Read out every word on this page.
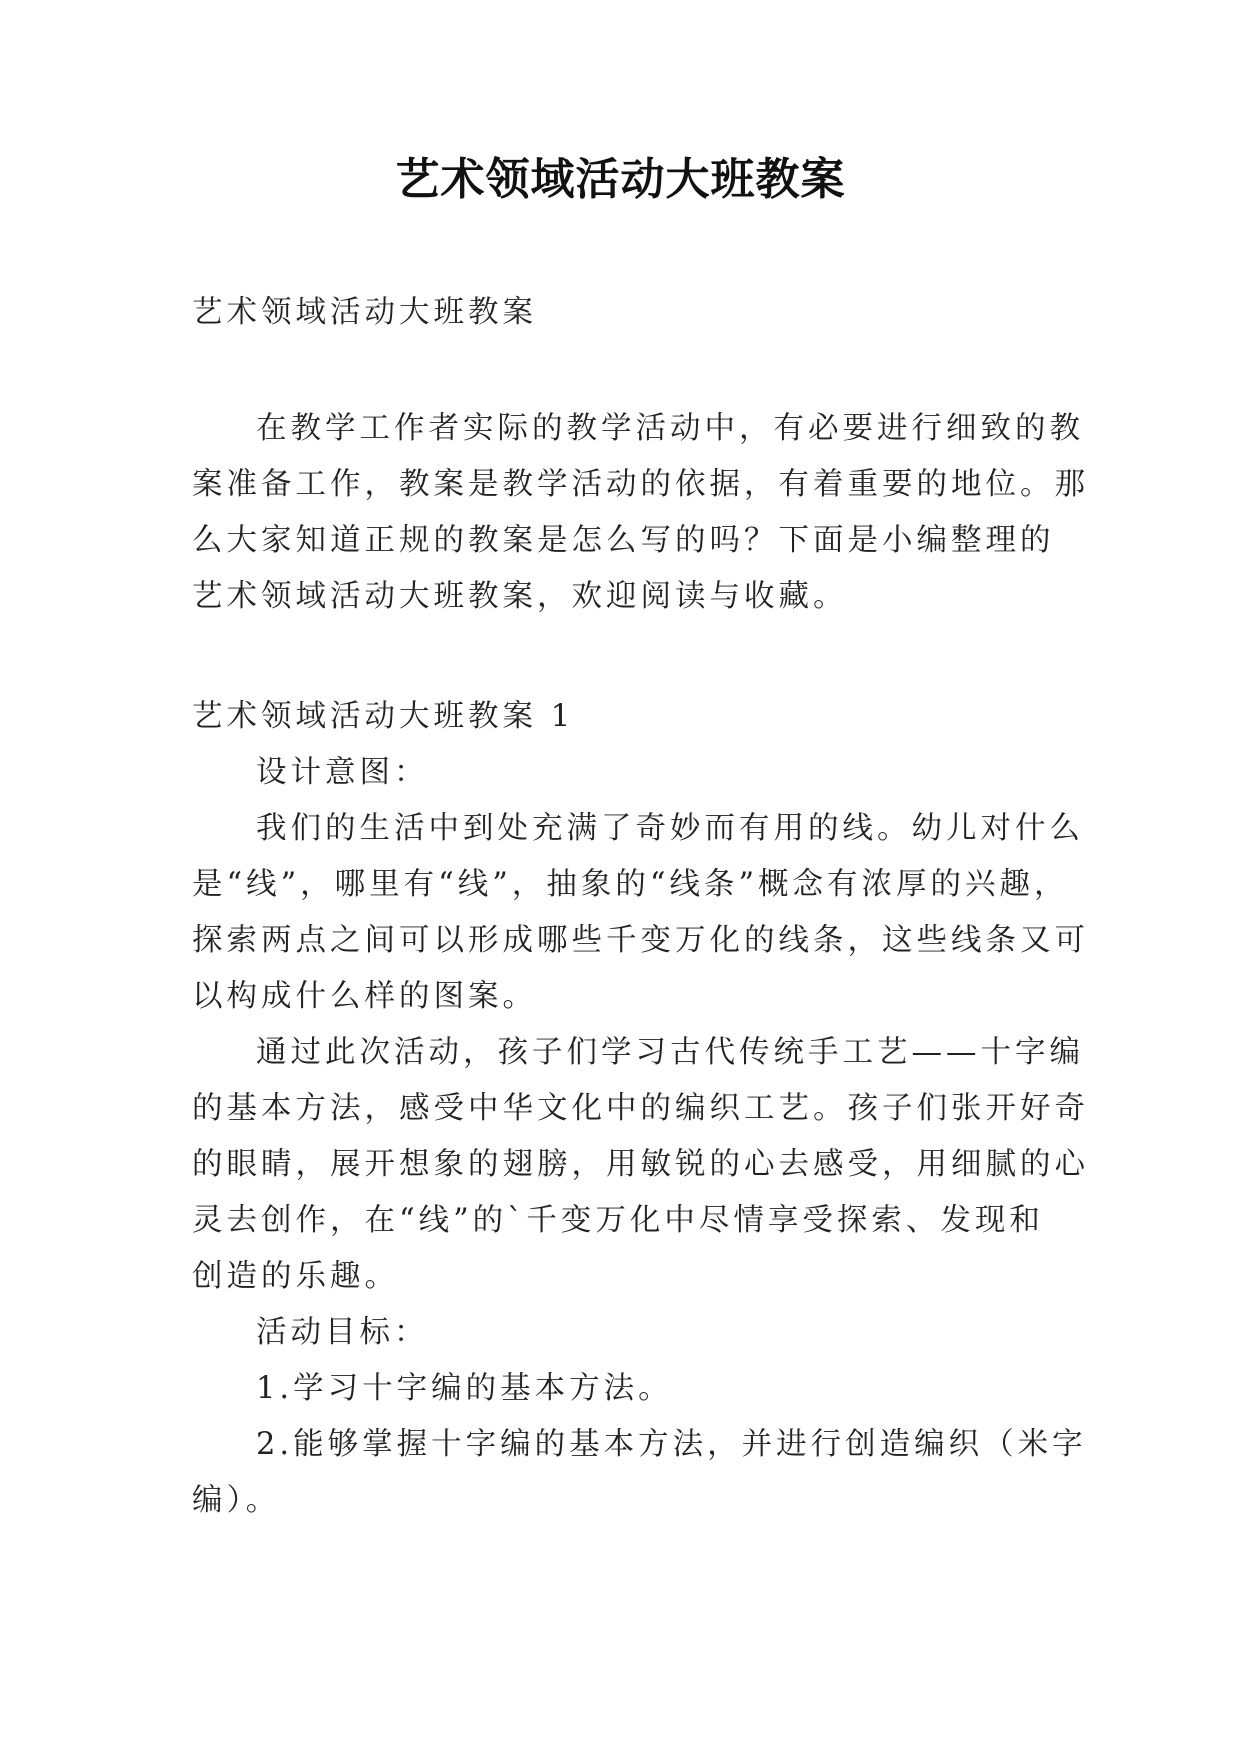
艺术领域活动大班教案

艺术领域活动大班教案

在教学工作者实际的教学活动中，有必要进行细致的教

案准备工作，教案是教学活动的依据，有着重要的地位。那

么大家知道正规的教案是怎么写的吗？下面是小编整理的

艺术领域活动大班教案，欢迎阅读与收藏。

艺术领域活动大班教案 1

设计意图：

我们的生活中到处充满了奇妙而有用的线。幼儿对什么

是“线”，哪里有“线”，抽象的“线条”概念有浓厚的兴趣，

探索两点之间可以形成哪些千变万化的线条，这些线条又可

以构成什么样的图案。

通过此次活动，孩子们学习古代传统手工艺——十字编

的基本方法，感受中华文化中的编织工艺。孩子们张开好奇

的眼睛，展开想象的翅膀，用敏锐的心去感受，用细腻的心

灵去创作，在“线”的`千变万化中尽情享受探索、发现和

创造的乐趣。

活动目标：

1.学习十字编的基本方法。

2.能够掌握十字编的基本方法，并进行创造编织（米字

编）。
